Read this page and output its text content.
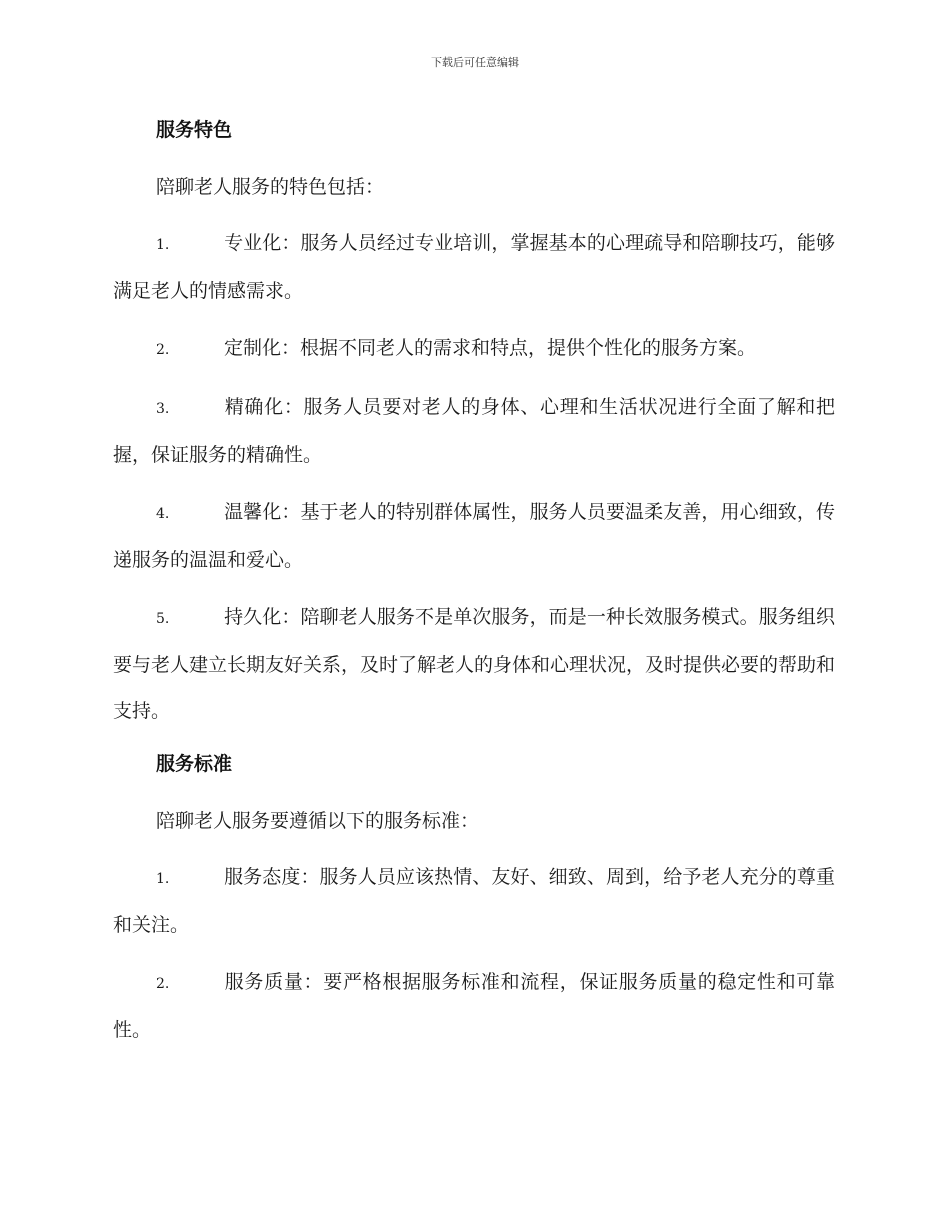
下载后可任意编辑
服务特色

陪聊老人服务的特色包括：

1.	专业化：服务人员经过专业培训，掌握基本的心理疏导和陪聊技巧，能够满足老人的情感需求。

2.	定制化：根据不同老人的需求和特点，提供个性化的服务方案。

3.	精确化：服务人员要对老人的身体、心理和生活状况进行全面了解和把握，保证服务的精确性。

4.	温馨化：基于老人的特别群体属性，服务人员要温柔友善，用心细致，传递服务的温温和爱心。

5.	持久化：陪聊老人服务不是单次服务，而是一种长效服务模式。服务组织要与老人建立长期友好关系，及时了解老人的身体和心理状况，及时提供必要的帮助和支持。

服务标准

陪聊老人服务要遵循以下的服务标准：

1.	服务态度：服务人员应该热情、友好、细致、周到，给予老人充分的尊重和关注。

2.	服务质量：要严格根据服务标准和流程，保证服务质量的稳定性和可靠性。
